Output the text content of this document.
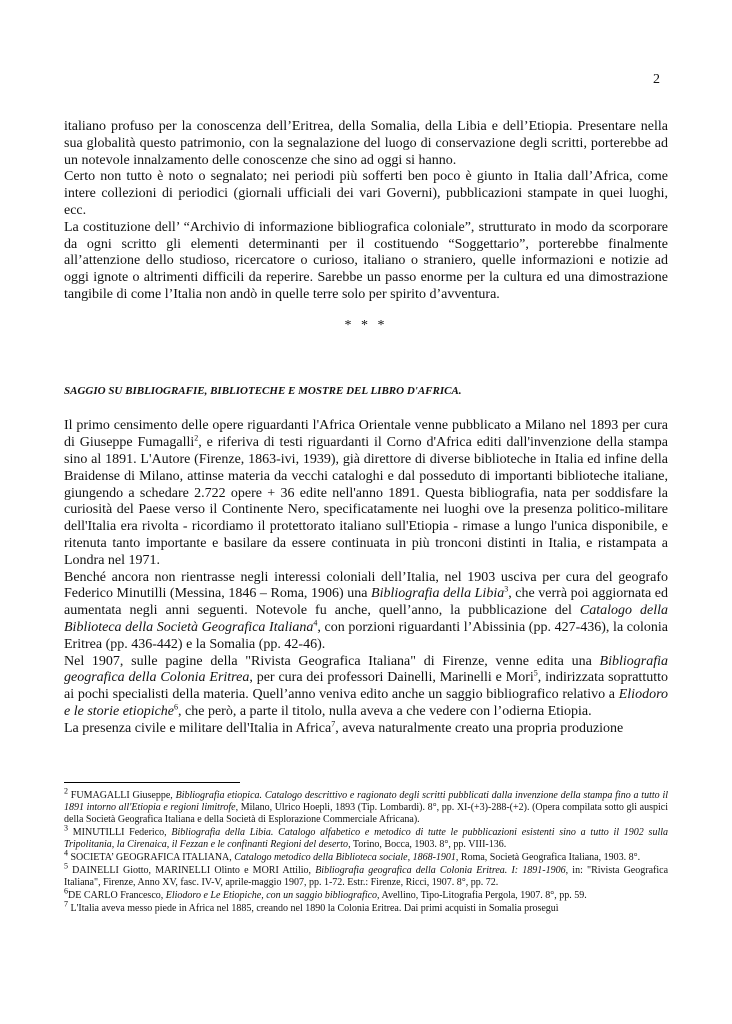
2

italiano profuso per la conoscenza dell’Eritrea, della Somalia, della Libia e dell’Etiopia. Presentare nella sua globalità questo patrimonio, con la segnalazione del luogo di conservazione degli scritti, porterebbe ad un notevole innalzamento delle conoscenze che sino ad oggi si hanno.

Certo non tutto è noto o segnalato; nei periodi più sofferti ben poco è giunto in Italia dall’Africa, come intere collezioni di periodici (giornali ufficiali dei vari Governi), pubblicazioni stampate in quei luoghi, ecc.

La costituzione dell’ “Archivio di informazione bibliografica coloniale”, strutturato in modo da scorporare da ogni scritto gli elementi determinanti per il costituendo “Soggettario”, porterebbe finalmente all’attenzione dello studioso, ricercatore o curioso, italiano o straniero, quelle informazioni e notizie ad oggi ignote o altrimenti difficili da reperire. Sarebbe un passo enorme per la cultura ed una dimostrazione tangibile di come l’Italia non andò in quelle terre solo per spirito d’avventura.

* * *
SAGGIO SU BIBLIOGRAFIE, BIBLIOTECHE E MOSTRE DEL LIBRO D'AFRICA.

Il primo censimento delle opere riguardanti l'Africa Orientale venne pubblicato a Milano nel 1893 per cura di Giuseppe Fumagalli$^2$, e riferiva di testi riguardanti il Corno d'Africa editi dall'invenzione della stampa sino al 1891. L'Autore (Firenze, 1863-ivi, 1939), già direttore di diverse biblioteche in Italia ed infine della Braidense di Milano, attinse materia da vecchi cataloghi e dal posseduto di importanti biblioteche italiane, giungendo a schedare 2.722 opere + 36 edite nell'anno 1891. Questa bibliografia, nata per soddisfare la curiosità del Paese verso il Continente Nero, specificatamente nei luoghi ove la presenza politico-militare dell'Italia era rivolta - ricordiamo il protettorato italiano sull'Etiopia - rimase a lungo l'unica disponibile, e ritenuta tanto importante e basilare da essere continuata in più tronconi distinti in Italia, e ristampata a Londra nel 1971.

Benché ancora non rientrasse negli interessi coloniali dell’Italia, nel 1903 usciva per cura del geografo Federico Minutilli (Messina, 1846 – Roma, 1906) una Bibliografia della Libia$^3$, che verrà poi aggiornata ed aumentata negli anni seguenti. Notevole fu anche, quell’anno, la pubblicazione del Catalogo della Biblioteca della Società Geografica Italiana$^4$, con porzioni riguardanti l’Abissinia (pp. 427-436), la colonia Eritrea (pp. 436-442) e la Somalia (pp. 42-46).

Nel 1907, sulle pagine della "Rivista Geografica Italiana" di Firenze, venne edita una Bibliografia geografica della Colonia Eritrea, per cura dei professori Dainelli, Marinelli e Mori$^5$, indirizzata soprattutto ai pochi specialisti della materia. Quell’anno veniva edito anche un saggio bibliografico relativo a Eliodoro e le storie etiopiche$^6$, che però, a parte il titolo, nulla aveva a che vedere con l’odierna Etiopia.

La presenza civile e militare dell'Italia in Africa$^7$, aveva naturalmente creato una propria produzione

$^2$ FUMAGALLI Giuseppe, Bibliografia etiopica. Catalogo descrittivo e ragionato degli scritti pubblicati dalla invenzione della stampa fino a tutto il 1891 intorno all'Etiopia e regioni limitrofe, Milano, Ulrico Hoepli, 1893 (Tip. Lombardi). 8°, pp. XI-(+3)-288-(+2). (Opera compilata sotto gli auspici della Società Geografica Italiana e della Società di Esplorazione Commerciale Africana).

$^3$ MINUTILLI Federico, Bibliografia della Libia. Catalogo alfabetico e metodico di tutte le pubblicazioni esistenti sino a tutto il 1902 sulla Tripolitania, la Cirenaica, il Fezzan e le confinanti Regioni del deserto, Torino, Bocca, 1903. 8°, pp. VIII-136.

$^4$ SOCIETA’ GEOGRAFICA ITALIANA, Catalogo metodico della Biblioteca sociale, 1868-1901, Roma, Società Geografica Italiana, 1903. 8°.

$^5$ DAINELLI Giotto, MARINELLI Olinto e MORI Attilio, Bibliografia geografica della Colonia Eritrea. I: 1891-1906, in: "Rivista Geografica Italiana", Firenze, Anno XV, fasc. IV-V, aprile-maggio 1907, pp. 1-72. Estr.: Firenze, Ricci, 1907. 8°, pp. 72.

$^6$DE CARLO Francesco, Eliodoro e Le Etiopiche, con un saggio bibliografico, Avellino, Tipo-Litografia Pergola, 1907. 8°, pp. 59.

$^7$ L'Italia aveva messo piede in Africa nel 1885, creando nel 1890 la Colonia Eritrea. Dai primi acquisti in Somalia proseguì
